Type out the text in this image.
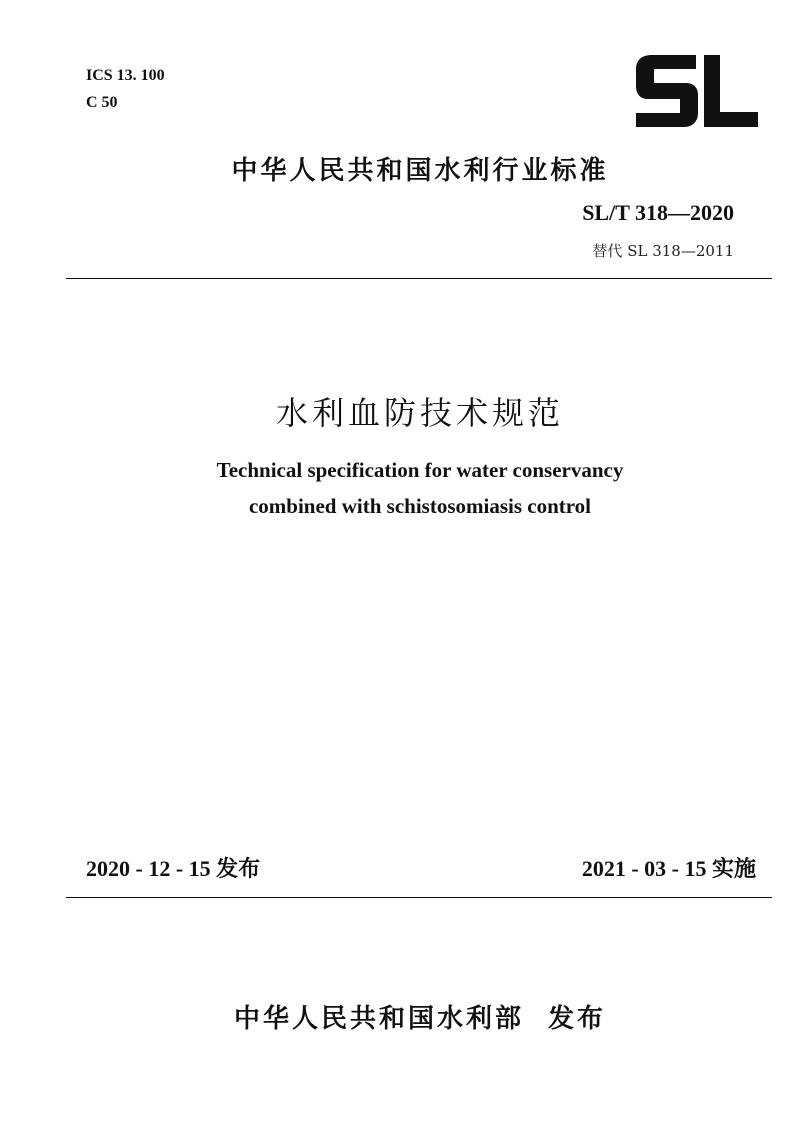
ICS 13. 100
C 50
中华人民共和国水利行业标准
SL/T 318—2020
替代 SL 318—2011
水利血防技术规范
Technical specification for water conservancy
combined with schistosomiasis control
2020 - 12 - 15 发布	2021 - 03 - 15 实施
中华人民共和国水利部  发布
